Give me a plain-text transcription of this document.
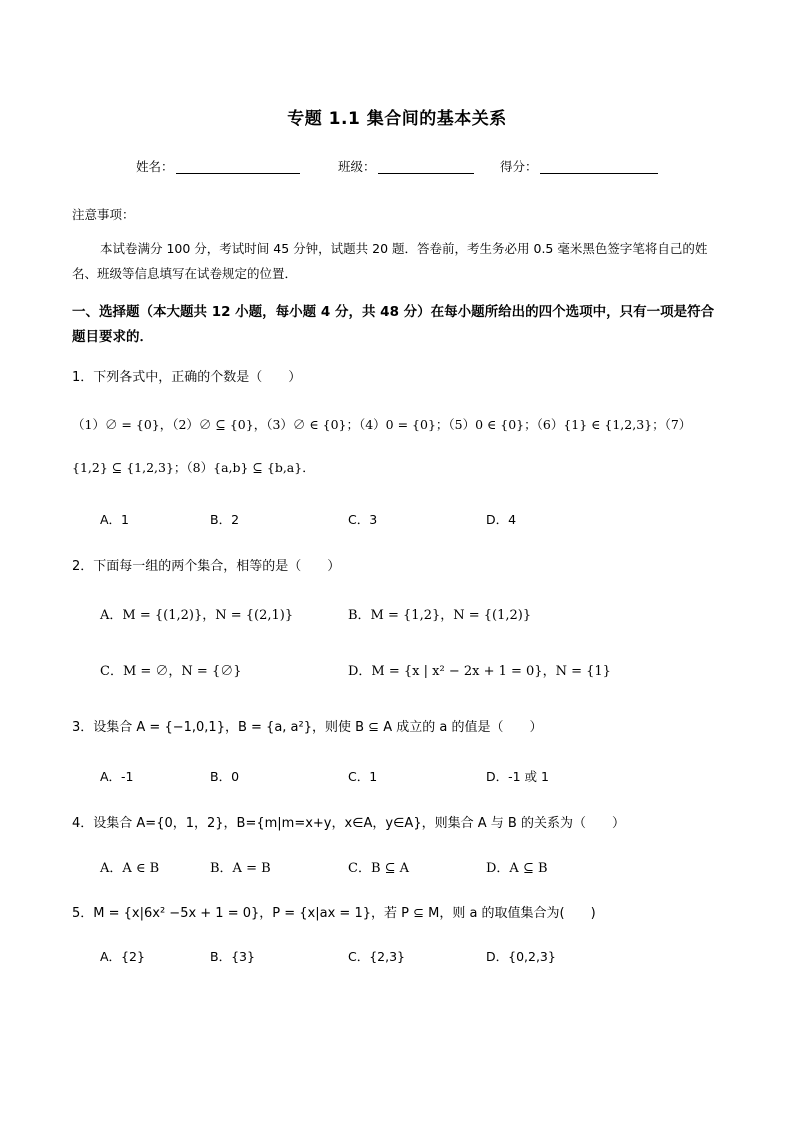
专题 1.1 集合间的基本关系
姓名：	班级：	得分：
注意事项：
本试卷满分 100 分，考试时间 45 分钟，试题共 20 题．答卷前，考生务必用 0.5 毫米黑色签字笔将自己的姓名、班级等信息填写在试卷规定的位置．
一、选择题（本大题共 12 小题，每小题 4 分，共 48 分）在每小题所给出的四个选项中，只有一项是符合题目要求的．
1．下列各式中，正确的个数是（　　）
（1）∅ = {0}，（2）∅ ⊆ {0}，（3）∅ ∈ {0}；（4）0 = {0}；（5）0 ∈ {0}；（6）{1} ∈ {1,2,3}；（7）
{1,2} ⊆ {1,2,3}；（8）{a,b} ⊆ {b,a}．
A．1	B．2	C．3	D．4
2．下面每一组的两个集合，相等的是（　　）
A．M = {(1,2)}，N = {(2,1)}	B．M = {1,2}，N = {(1,2)}
C．M = ∅，N = {∅}	D．M = {x | x² − 2x + 1 = 0}，N = {1}
3．设集合 A = {−1,0,1}，B = {a, a²}，则使 B ⊆ A 成立的 a 的值是（　　）
A．-1	B．0	C．1	D．-1 或 1
4．设集合 A={0，1，2}，B={m|m=x+y，x∈A，y∈A}，则集合 A 与 B 的关系为（　　）
A．A ∈ B	B．A = B	C．B ⊆ A	D．A ⊆ B
5．M = {x|6x² −5x + 1 = 0}，P = {x|ax = 1}，若 P ⊆ M，则 a 的取值集合为(　　)
A．{2}	B．{3}	C．{2,3}	D．{0,2,3}
